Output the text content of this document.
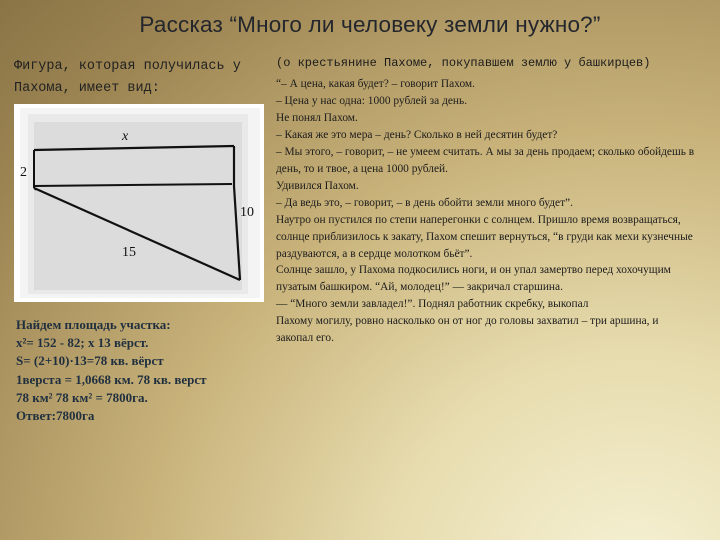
Рассказ “Много ли человеку земли нужно?”
Фигура, которая получилась у Пахома, имеет вид:
x
2
10
15
Найдем площадь участка:
x²= 152 - 82; x 13 вёрст.
S= (2+10)·13=78 кв. вёрст
1верста = 1,0668 км. 78 кв. верст
78 км² 78 км² = 7800га.
Ответ:7800га
(о крестьянине Пахоме, покупавшем землю у башкирцев)

“– А цена, какая будет? – говорит Пахом.

– Цена у нас одна: 1000 рублей за день.

Не понял Пахом.

– Какая же это мера – день? Сколько в ней десятин будет?

– Мы этого, – говорит, – не умеем считать. А мы за день продаем; сколько обойдешь в день, то и твое, а цена 1000 рублей.

Удивился Пахом.

– Да ведь это, – говорит, – в день обойти земли много будет”.

Наутро он пустился по степи наперегонки с солнцем. Пришло время возвращаться, солнце приблизилось к закату, Пахом спешит вернуться, “в груди как мехи кузнечные раздуваются, а в сердце молотком бьёт”.

Солнце зашло, у Пахома подкосились ноги, и он упал замертво перед хохочущим пузатым башкиром. “Ай, молодец!” — закричал старшина.

— “Много земли завладел!”. Поднял работник скребку, выкопал

Пахому могилу, ровно насколько он от ног до головы захватил – три аршина, и закопал его.
